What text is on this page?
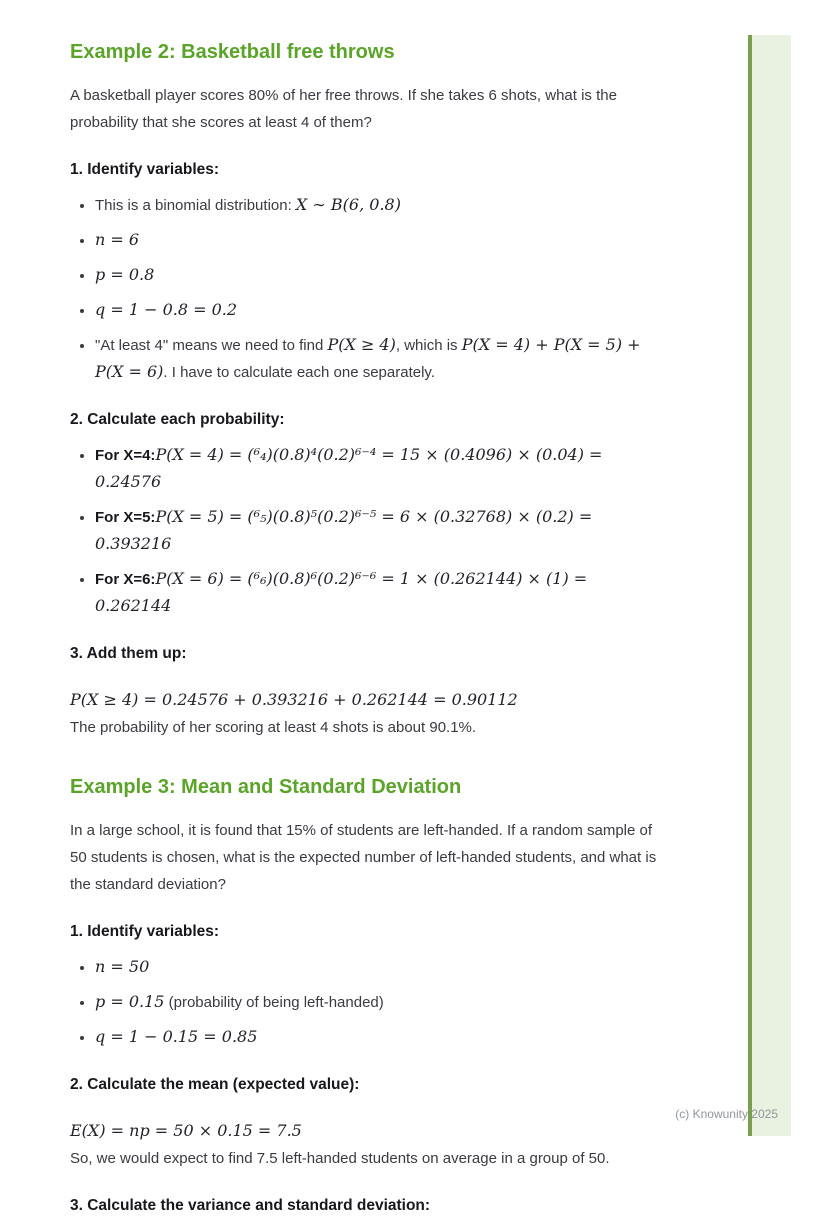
(c) Knowunity 2025
Example 2: Basketball free throws

A basketball player scores 80% of her free throws. If she takes 6 shots, what is the probability that she scores at least 4 of them?

1. Identify variables:

• This is a binomial distribution: X ∼ B(6, 0.8)
• n = 6
• p = 0.8
• q = 1 − 0.8 = 0.2
• "At least 4" means we need to find P(X ≥ 4), which is P(X = 4) + P(X = 5) + P(X = 6). I have to calculate each one separately.

2. Calculate each probability:

• For X=4:P(X = 4) = (⁶₄)(0.8)⁴(0.2)⁶⁻⁴ = 15 × (0.4096) × (0.04) = 0.24576
• For X=5:P(X = 5) = (⁶₅)(0.8)⁵(0.2)⁶⁻⁵ = 6 × (0.32768) × (0.2) = 0.393216
• For X=6:P(X = 6) = (⁶₆)(0.8)⁶(0.2)⁶⁻⁶ = 1 × (0.262144) × (1) = 0.262144

3. Add them up:

P(X ≥ 4) = 0.24576 + 0.393216 + 0.262144 = 0.90112
The probability of her scoring at least 4 shots is about 90.1%.

Example 3: Mean and Standard Deviation

In a large school, it is found that 15% of students are left-handed. If a random sample of 50 students is chosen, what is the expected number of left-handed students, and what is the standard deviation?

1. Identify variables:

• n = 50
• p = 0.15 (probability of being left-handed)
• q = 1 − 0.15 = 0.85

2. Calculate the mean (expected value):

E(X) = np = 50 × 0.15 = 7.5
So, we would expect to find 7.5 left-handed students on average in a group of 50.

3. Calculate the variance and standard deviation:
